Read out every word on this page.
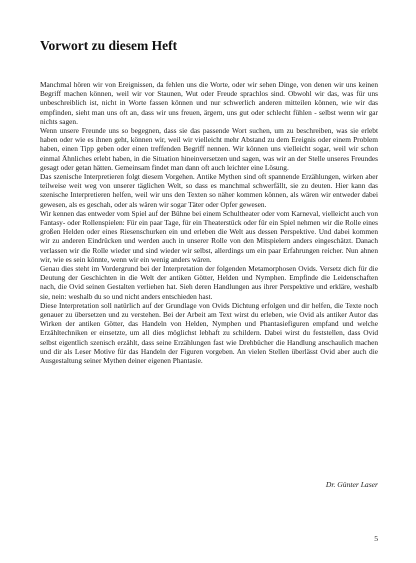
Vorwort zu diesem Heft

Manchmal hören wir von Ereignissen, da fehlen uns die Worte, oder wir sehen Dinge, von denen wir uns keinen Begriff machen können, weil wir vor Staunen, Wut oder Freude sprachlos sind. Obwohl wir das, was für uns unbeschreiblich ist, nicht in Worte fassen können und nur schwerlich anderen mitteilen können, wie wir das empfinden, sieht man uns oft an, dass wir uns freuen, ärgern, uns gut oder schlecht fühlen - selbst wenn wir gar nichts sagen.

Wenn unsere Freunde uns so begegnen, dass sie das passende Wort suchen, um zu beschreiben, was sie erlebt haben oder wie es ihnen geht, können wir, weil wir vielleicht mehr Abstand zu dem Ereignis oder einem Problem haben, einen Tipp geben oder einen treffenden Begriff nennen. Wir können uns vielleicht sogar, weil wir schon einmal Ähnliches erlebt haben, in die Situation hineinversetzen und sagen, was wir an der Stelle unseres Freundes gesagt oder getan hätten. Gemeinsam findet man dann oft auch leichter eine Lösung.

Das szenische Interpretieren folgt diesem Vorgehen. Antike Mythen sind oft spannende Erzählungen, wirken aber teilweise weit weg von unserer täglichen Welt, so dass es manchmal schwerfällt, sie zu deuten. Hier kann das szenische Interpretieren helfen, weil wir uns den Texten so näher kommen können, als wären wir entweder dabei gewesen, als es geschah, oder als wären wir sogar Täter oder Opfer gewesen.

Wir kennen das entweder vom Spiel auf der Bühne bei einem Schultheater oder vom Karneval, vielleicht auch von Fantasy- oder Rollenspielen: Für ein paar Tage, für ein Theaterstück oder für ein Spiel nehmen wir die Rolle eines großen Helden oder eines Riesenschurken ein und erleben die Welt aus dessen Perspektive. Und dabei kommen wir zu anderen Eindrücken und werden auch in unserer Rolle von den Mitspielern anders eingeschätzt. Danach verlassen wir die Rolle wieder und sind wieder wir selbst, allerdings um ein paar Erfahrungen reicher. Nun ahnen wir, wie es sein könnte, wenn wir ein wenig anders wären.

Genau dies steht im Vordergrund bei der Interpretation der folgenden Metamorphosen Ovids. Versetz dich für die Deutung der Geschichten in die Welt der antiken Götter, Helden und Nymphen. Empfinde die Leidenschaften nach, die Ovid seinen Gestalten verliehen hat. Sieh deren Handlungen aus ihrer Perspektive und erkläre, weshalb sie, nein: weshalb du so und nicht anders entschieden hast.

Diese Interpretation soll natürlich auf der Grundlage von Ovids Dichtung erfolgen und dir helfen, die Texte noch genauer zu übersetzen und zu verstehen. Bei der Arbeit am Text wirst du erleben, wie Ovid als antiker Autor das Wirken der antiken Götter, das Handeln von Helden, Nymphen und Phantasiefiguren empfand und welche Erzähltechniken er einsetzte, um all dies möglichst lebhaft zu schildern. Dabei wirst du feststellen, dass Ovid selbst eigentlich szenisch erzählt, dass seine Erzählungen fast wie Drehbücher die Handlung anschaulich machen und dir als Leser Motive für das Handeln der Figuren vorgeben. An vielen Stellen überlässt Ovid aber auch die Ausgestaltung seiner Mythen deiner eigenen Phantasie.

Dr. Günter Laser
5
